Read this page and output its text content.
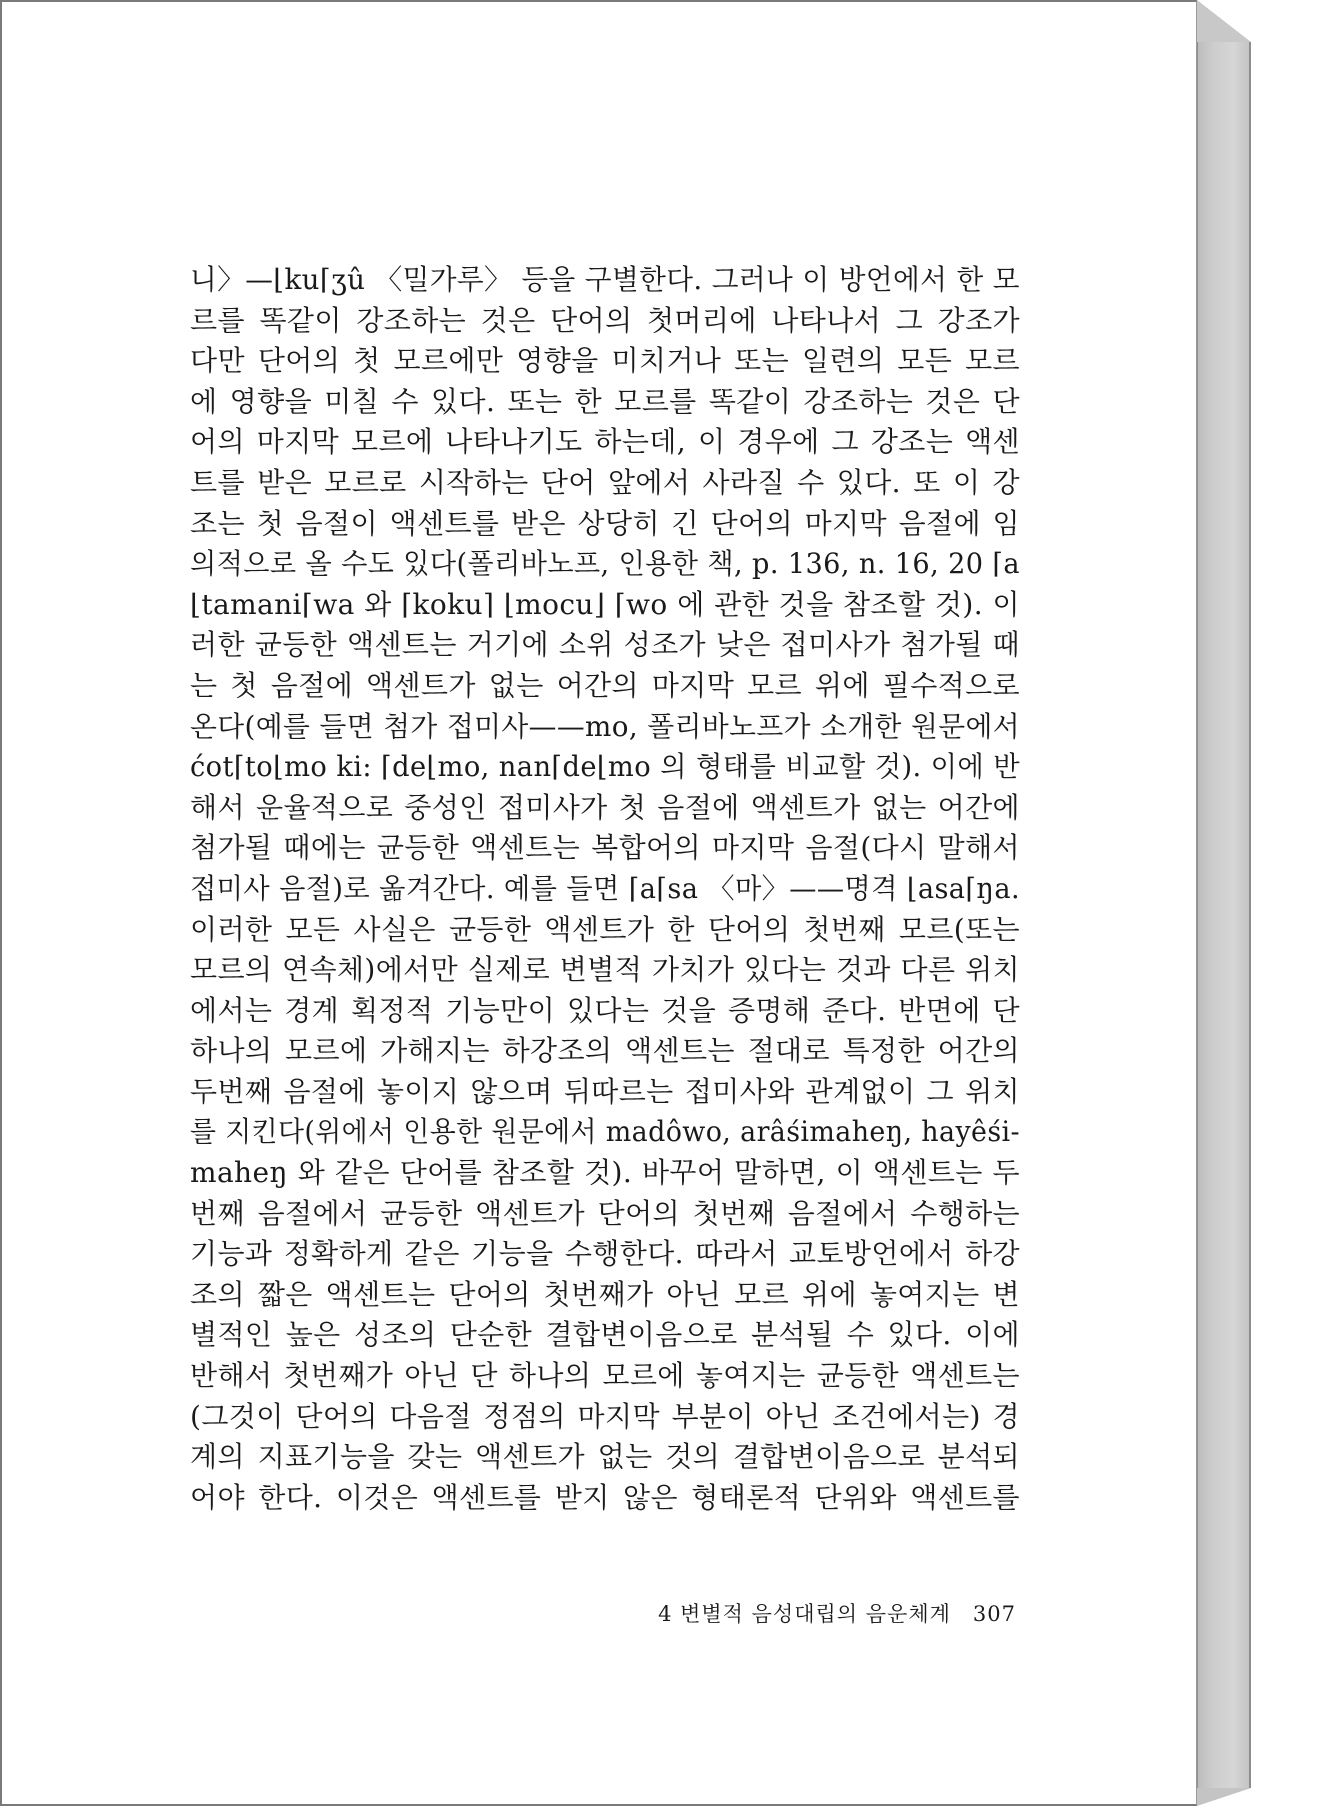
니〉—⌊ku⌈ʒû 〈밀가루〉 등을 구별한다. 그러나 이 방언에서 한 모
르를 똑같이 강조하는 것은 단어의 첫머리에 나타나서 그 강조가
다만 단어의 첫 모르에만 영향을 미치거나 또는 일련의 모든 모르
에 영향을 미칠 수 있다. 또는 한 모르를 똑같이 강조하는 것은 단
어의 마지막 모르에 나타나기도 하는데, 이 경우에 그 강조는 액센
트를 받은 모르로 시작하는 단어 앞에서 사라질 수 있다. 또 이 강
조는 첫 음절이 액센트를 받은 상당히 긴 단어의 마지막 음절에 임
의적으로 올 수도 있다(폴리바노프, 인용한 책, p. 136, n. 16, 20 ⌈a
⌊tamani⌈wa 와 ⌈koku⌉ ⌊mocu⌋ ⌈wo 에 관한 것을 참조할 것). 이
러한 균등한 액센트는 거기에 소위 성조가 낮은 접미사가 첨가될 때
는 첫 음절에 액센트가 없는 어간의 마지막 모르 위에 필수적으로
온다(예를 들면 첨가 접미사——mo, 폴리바노프가 소개한 원문에서
ćot⌈to⌊mo ki: ⌈de⌊mo, nan⌈de⌊mo 의 형태를 비교할 것). 이에 반
해서 운율적으로 중성인 접미사가 첫 음절에 액센트가 없는 어간에
첨가될 때에는 균등한 액센트는 복합어의 마지막 음절(다시 말해서
접미사 음절)로 옮겨간다. 예를 들면 ⌈a⌈sa 〈마〉——명격 ⌊asa⌈ŋa.
이러한 모든 사실은 균등한 액센트가 한 단어의 첫번째 모르(또는
모르의 연속체)에서만 실제로 변별적 가치가 있다는 것과 다른 위치
에서는 경계 획정적 기능만이 있다는 것을 증명해 준다. 반면에 단
하나의 모르에 가해지는 하강조의 액센트는 절대로 특정한 어간의
두번째 음절에 놓이지 않으며 뒤따르는 접미사와 관계없이 그 위치
를 지킨다(위에서 인용한 원문에서 madôwo, arâśimaheŋ, hayêśi-
maheŋ 와 같은 단어를 참조할 것). 바꾸어 말하면, 이 액센트는 두
번째 음절에서 균등한 액센트가 단어의 첫번째 음절에서 수행하는
기능과 정확하게 같은 기능을 수행한다. 따라서 교토방언에서 하강
조의 짧은 액센트는 단어의 첫번째가 아닌 모르 위에 놓여지는 변
별적인 높은 성조의 단순한 결합변이음으로 분석될 수 있다. 이에
반해서 첫번째가 아닌 단 하나의 모르에 놓여지는 균등한 액센트는
(그것이 단어의 다음절 정점의 마지막 부분이 아닌 조건에서는) 경
계의 지표기능을 갖는 액센트가 없는 것의 결합변이음으로 분석되
어야 한다. 이것은 액센트를 받지 않은 형태론적 단위와 액센트를
4 변별적 음성대립의 음운체계 307
